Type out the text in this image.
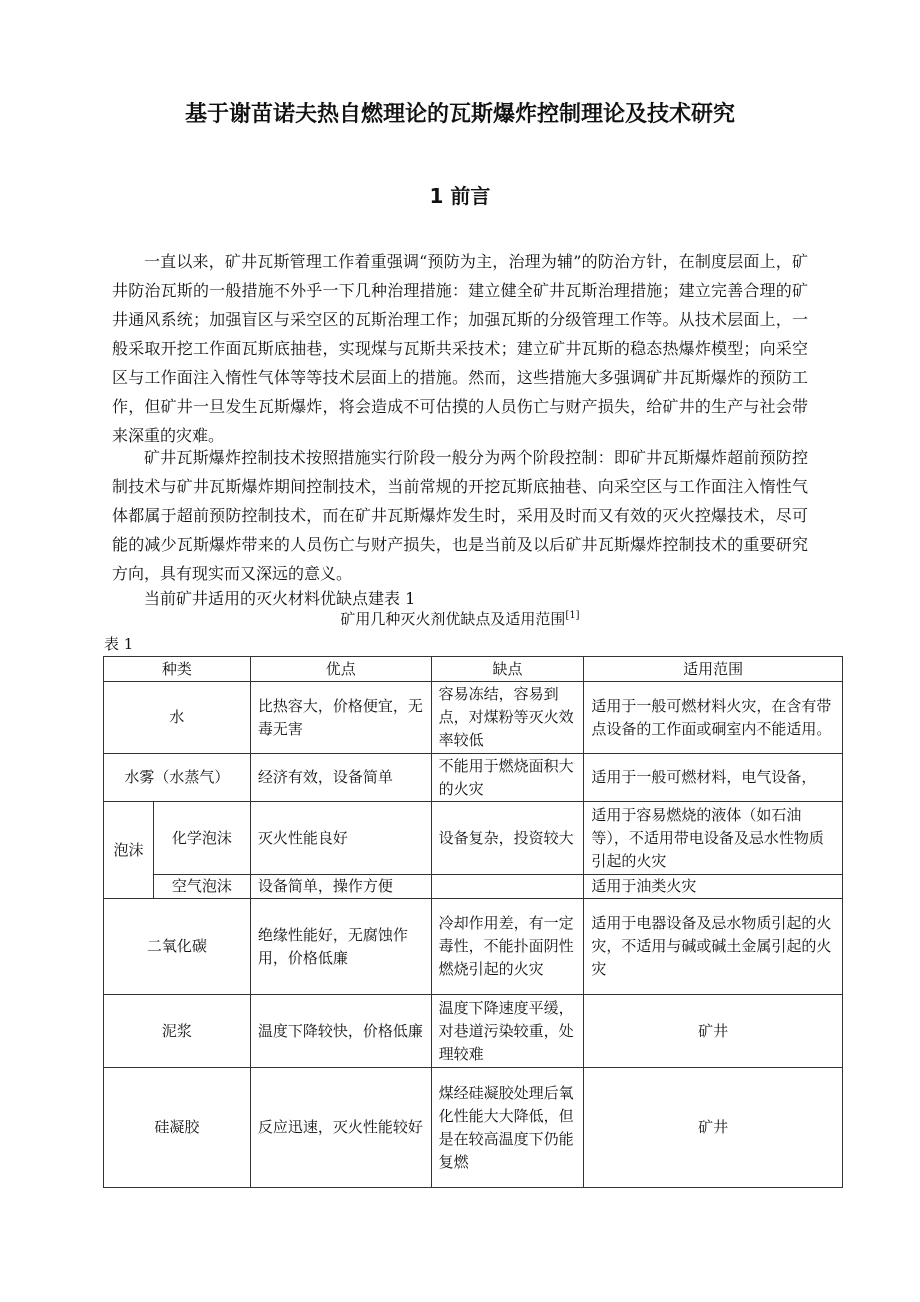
基于谢苗诺夫热自燃理论的瓦斯爆炸控制理论及技术研究
1 前言

一直以来，矿井瓦斯管理工作着重强调“预防为主，治理为辅”的防治方针，在制度层面上，矿井防治瓦斯的一般措施不外乎一下几种治理措施：建立健全矿井瓦斯治理措施；建立完善合理的矿井通风系统；加强盲区与采空区的瓦斯治理工作；加强瓦斯的分级管理工作等。从技术层面上，一般采取开挖工作面瓦斯底抽巷，实现煤与瓦斯共采技术；建立矿井瓦斯的稳态热爆炸模型；向采空区与工作面注入惰性气体等等技术层面上的措施。然而，这些措施大多强调矿井瓦斯爆炸的预防工作，但矿井一旦发生瓦斯爆炸，将会造成不可估摸的人员伤亡与财产损失，给矿井的生产与社会带来深重的灾难。

矿井瓦斯爆炸控制技术按照措施实行阶段一般分为两个阶段控制：即矿井瓦斯爆炸超前预防控制技术与矿井瓦斯爆炸期间控制技术，当前常规的开挖瓦斯底抽巷、向采空区与工作面注入惰性气体都属于超前预防控制技术，而在矿井瓦斯爆炸发生时，采用及时而又有效的灭火控爆技术，尽可能的减少瓦斯爆炸带来的人员伤亡与财产损失，也是当前及以后矿井瓦斯爆炸控制技术的重要研究方向，具有现实而又深远的意义。

当前矿井适用的灭火材料优缺点建表 1

矿用几种灭火剂优缺点及适用范围[1]
表 1
种类		优点	缺点	适用范围
水		比热容大，价格便宜，无毒无害	容易冻结，容易到点，对煤粉等灭火效率较低	适用于一般可燃材料火灾，在含有带点设备的工作面或硐室内不能适用。
水雾（水蒸气）		经济有效，设备简单	不能用于燃烧面积大的火灾	适用于一般可燃材料，电气设备，
泡沫	化学泡沫	灭火性能良好	设备复杂，投资较大	适用于容易燃烧的液体（如石油等），不适用带电设备及忌水性物质引起的火灾
	空气泡沫	设备简单，操作方便		适用于油类火灾
二氧化碳		绝缘性能好，无腐蚀作用，价格低廉	冷却作用差，有一定毒性，不能扑面阴性燃烧引起的火灾	适用于电器设备及忌水物质引起的火灾，不适用与碱或碱土金属引起的火灾
泥浆		温度下降较快，价格低廉	温度下降速度平缓，对巷道污染较重，处理较难	矿井
硅凝胶		反应迅速，灭火性能较好	煤经硅凝胶处理后氧化性能大大降低，但是在较高温度下仍能复燃	矿井
